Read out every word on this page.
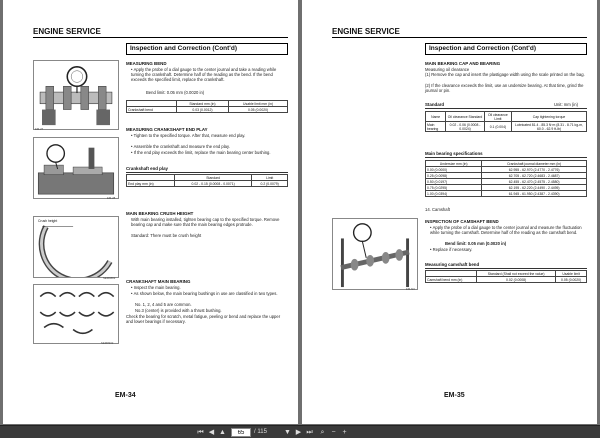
ENGINE SERVICE
Inspection and Correction (Cont'd)
EM-27
MEASURING BEND
• Apply the probe of a dial gauge to the center journal and take a reading while turning the crankshaft. Determine half of the reading as the bend. If the bend exceeds the specified limit, replace the crankshaft.
Bend limit: 0.05 mm (0.0020 in)
	Standard mm (in)	Usable limit mm (in)
Crankshaft bend	0.03 (0.0012)	0.05 (0.0020)
EM-28
MEASURING CRANKSHAFT END PLAY
• Tighten to the specified torque. After that, measure end play.
• Assemble the crankshaft and measure the end play.
• If the end play exceeds the limit, replace the main bearing center bushing.
Crankshaft end play
	Standard	Limit
End play mm (in)	0.02 - 0.15 (0.0008 - 0.0071)	0.2 (0.0079)
Crush height
SEM0882
MAIN BEARING CRUSH HEIGHT
With main bearing installed, tighten bearing cap to the specified torque. Remove bearing cap and make sure that the main bearing edges protrude.
Standard: There must be crush height
SEM0932
CRANKSHAFT MAIN BEARING
• Inspect the main bearing.
• As shown below, the main bearing bushings in use are classified in two types.
No. 1, 2, 4 and 5 are common.
No.3 (center) is provided with a thrust bushing.
Check the bearing for scratch, metal fatigue, peeling or bend and replace the upper and lower bearings if necessary.
EM-34
ENGINE SERVICE
Inspection and Correction (Cont'd)
MAIN BEARING CAP AND BEARING
Measuring oil clearance
(1) Remove the cap and insert the plastigage width using the scale printed on the bag.
(2) If the clearance exceeds the limit, use an undersize bearing. At that time, grind the journal or pin.
Standard	Unit: mm (in)
Name	Oil clearance Standard	Oil clearance Limit	Cap tightening torque
Main bearing	0.02 - 0.06 (0.0008 - 0.0024)	0.1 (0.004)	Lubricated 81.4 - 85.3 N·m (8.31 - 8.71 kg-m, 60.0 - 62.9 ft-lb)
Main bearing specifications
Undersize mm (in)	Crankshaft journal diameter mm (in)
0.00 (0.0000)	62.955 - 62.970 (2.4770 - 2.4776)
0.25 (0.0098)	62.705 - 62.720 (2.4683 - 2.4687)
0.50 (0.0197)	62.455 - 62.470 (2.4575 - 2.4580)
0.75 (0.0295)	62.195 - 62.220 (2.4490 - 2.4495)
1.00 (0.0394)	61.945 - 61.950 (2.4387 - 2.4390)
14. Camshaft
EM-N3
INSPECTION OF CAMSHAFT BEND
• Apply the probe of a dial gauge to the center journal and measure the fluctuation while turning the camshaft. Determine half of the reading as the camshaft bend.
Bend limit: 0.05 mm (0.0020 in)
• Replace if necessary.
Measuring camshaft bend
	Standard (Shall not exceed the value)	Usable limit
Camshaft bend mm (in)	0.02 (0.0008)	0.05 (0.0020)
EM-35
⏮ ◀ ▲
65	/ 115 ▼ ▶ ⏭	⌕	− +
